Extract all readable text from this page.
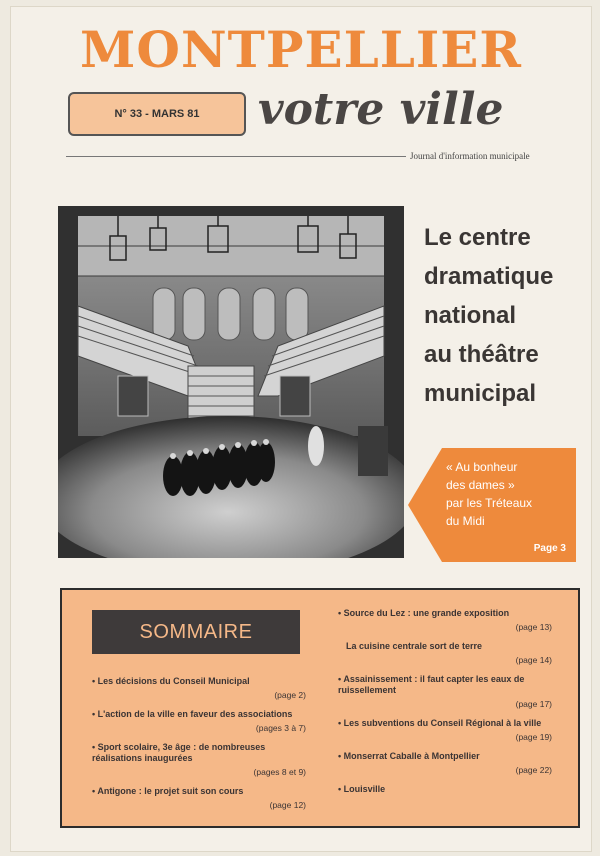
MONTPELLIER
N° 33 - MARS 81	votre ville
Journal d'information municipale
Le centre
dramatique
national
au théâtre
municipal
« Au bonheur
des dames »
par les Tréteaux
du Midi
Page 3
SOMMAIRE
• Les décisions du Conseil Municipal
(page 2)
• L'action de la ville en faveur des associations
(pages 3 à 7)
• Sport scolaire, 3e âge : de nombreuses réalisations inaugurées
(pages 8 et 9)
• Antigone : le projet suit son cours
(page 12)
• Source du Lez : une grande exposition
(page 13)
La cuisine centrale sort de terre
(page 14)
• Assainissement : il faut capter les eaux de ruissellement
(page 17)
• Les subventions du Conseil Régional à la ville
(page 19)
• Monserrat Caballe à Montpellier
(page 22)
• Louisville
